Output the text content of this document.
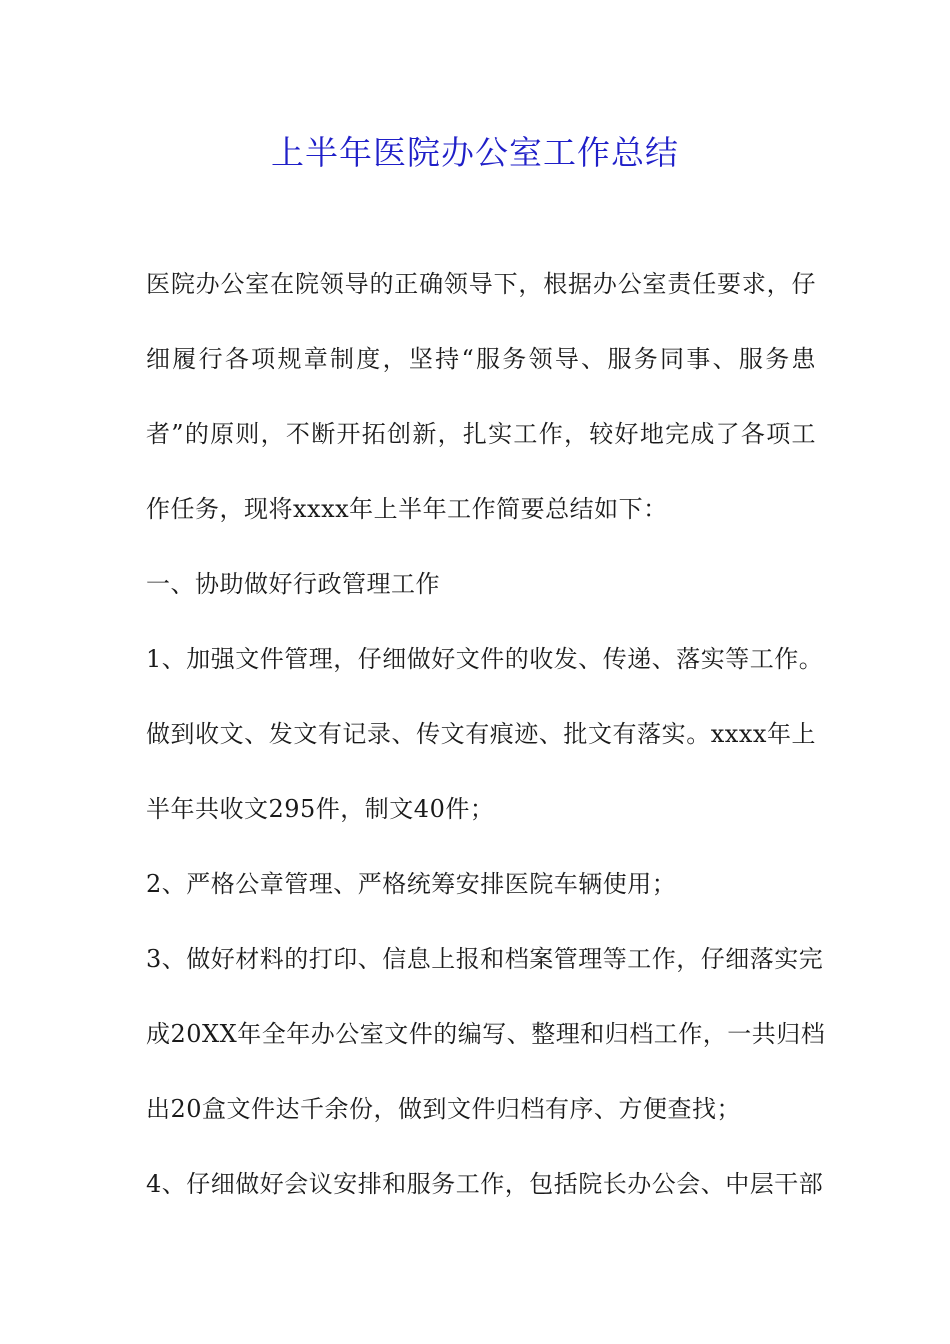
上半年医院办公室工作总结

医院办公室在院领导的正确领导下，根据办公室责任要求，仔

细履行各项规章制度，坚持“服务领导、服务同事、服务患

者”的原则，不断开拓创新，扎实工作，较好地完成了各项工

作任务，现将xxxx年上半年工作简要总结如下：

一、协助做好行政管理工作

1、加强文件管理，仔细做好文件的收发、传递、落实等工作。

做到收文、发文有记录、传文有痕迹、批文有落实。xxxx年上

半年共收文295件，制文40件；

2、严格公章管理、严格统筹安排医院车辆使用；

3、做好材料的打印、信息上报和档案管理等工作，仔细落实完

成20XX年全年办公室文件的编写、整理和归档工作，一共归档

出20盒文件达千余份，做到文件归档有序、方便查找；

4、仔细做好会议安排和服务工作，包括院长办公会、中层干部
